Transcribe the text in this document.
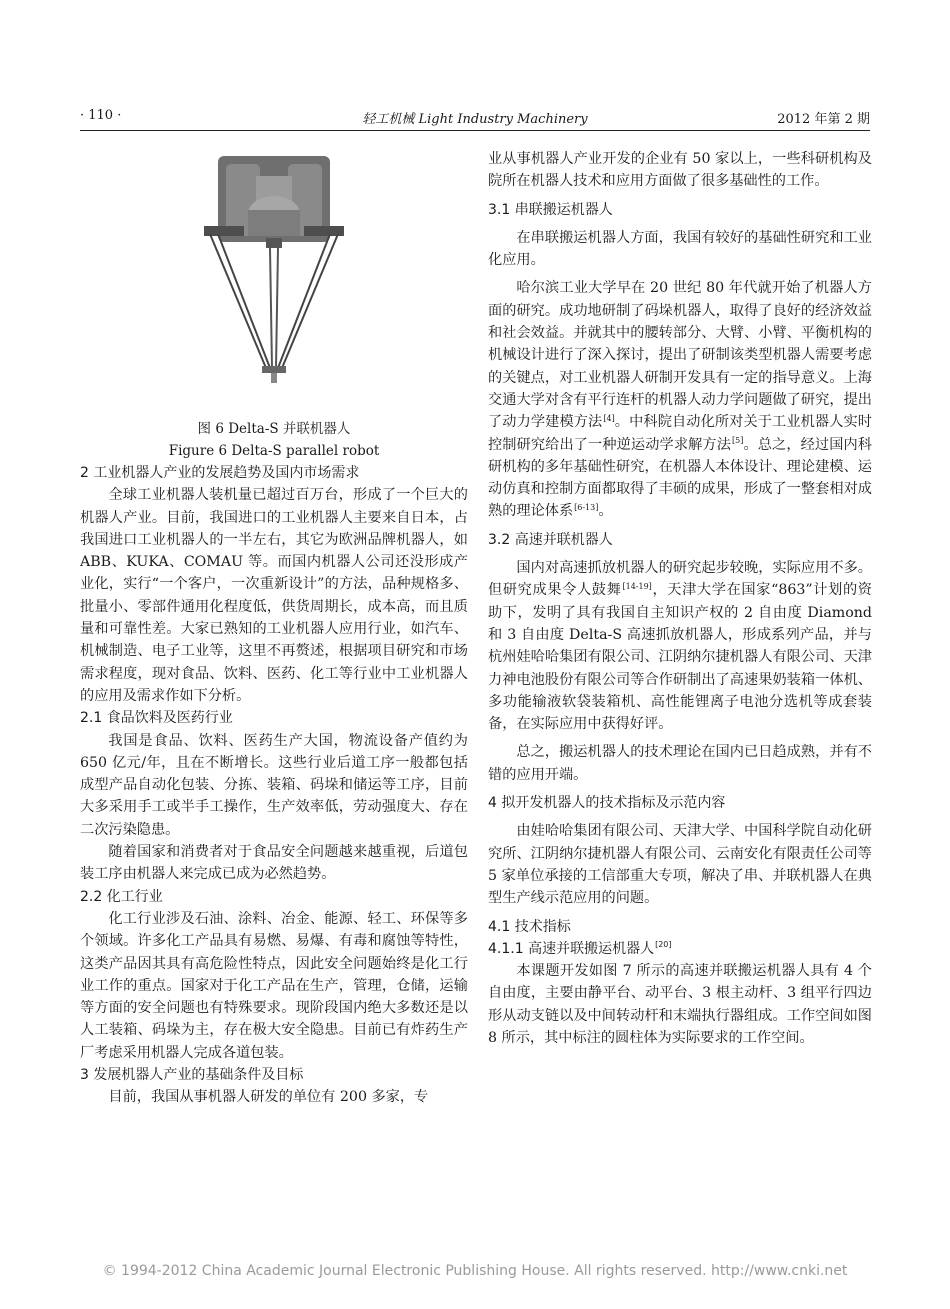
· 110 ·	轻工机械 Light Industry Machinery	2012 年第 2 期

图 6 Delta-S 并联机器人

Figure 6 Delta-S parallel robot

2 工业机器人产业的发展趋势及国内市场需求

全球工业机器人装机量已超过百万台，形成了一个巨大的机器人产业。目前，我国进口的工业机器人主要来自日本，占我国进口工业机器人的一半左右，其它为欧洲品牌机器人，如 ABB、KUKA、COMAU 等。而国内机器人公司还没形成产业化，实行“一个客户，一次重新设计”的方法，品种规格多、批量小、零部件通用化程度低，供货周期长，成本高，而且质量和可靠性差。大家已熟知的工业机器人应用行业，如汽车、机械制造、电子工业等，这里不再赘述，根据项目研究和市场需求程度，现对食品、饮料、医药、化工等行业中工业机器人的应用及需求作如下分析。

2.1 食品饮料及医药行业

我国是食品、饮料、医药生产大国，物流设备产值约为 650 亿元/年，且在不断增长。这些行业后道工序一般都包括成型产品自动化包装、分拣、装箱、码垛和储运等工序，目前大多采用手工或半手工操作，生产效率低，劳动强度大、存在二次污染隐患。

随着国家和消费者对于食品安全问题越来越重视，后道包装工序由机器人来完成已成为必然趋势。

2.2 化工行业

化工行业涉及石油、涂料、冶金、能源、轻工、环保等多个领域。许多化工产品具有易燃、易爆、有毒和腐蚀等特性，这类产品因其具有高危险性特点，因此安全问题始终是化工行业工作的重点。国家对于化工产品在生产，管理，仓储，运输等方面的安全问题也有特殊要求。现阶段国内绝大多数还是以人工装箱、码垛为主，存在极大安全隐患。目前已有炸药生产厂考虑采用机器人完成各道包装。

3 发展机器人产业的基础条件及目标

目前，我国从事机器人研发的单位有 200 多家，专

业从事机器人产业开发的企业有 50 家以上，一些科研机构及院所在机器人技术和应用方面做了很多基础性的工作。

3.1 串联搬运机器人

在串联搬运机器人方面，我国有较好的基础性研究和工业化应用。

哈尔滨工业大学早在 20 世纪 80 年代就开始了机器人方面的研究。成功地研制了码垛机器人，取得了良好的经济效益和社会效益。并就其中的腰转部分、大臂、小臂、平衡机构的机械设计进行了深入探讨，提出了研制该类型机器人需要考虑的关键点，对工业机器人研制开发具有一定的指导意义。上海交通大学对含有平行连杆的机器人动力学问题做了研究，提出了动力学建模方法[4]。中科院自动化所对关于工业机器人实时控制研究给出了一种逆运动学求解方法[5]。总之，经过国内科研机构的多年基础性研究，在机器人本体设计、理论建模、运动仿真和控制方面都取得了丰硕的成果，形成了一整套相对成熟的理论体系[6-13]。

3.2 高速并联机器人

国内对高速抓放机器人的研究起步较晚，实际应用不多。但研究成果令人鼓舞[14-19]，天津大学在国家“863”计划的资助下，发明了具有我国自主知识产权的 2 自由度 Diamond 和 3 自由度 Delta-S 高速抓放机器人，形成系列产品，并与杭州娃哈哈集团有限公司、江阴纳尔捷机器人有限公司、天津力神电池股份有限公司等合作研制出了高速果奶装箱一体机、多功能输液软袋装箱机、高性能锂离子电池分选机等成套装备，在实际应用中获得好评。

总之，搬运机器人的技术理论在国内已日趋成熟，并有不错的应用开端。

4 拟开发机器人的技术指标及示范内容

由娃哈哈集团有限公司、天津大学、中国科学院自动化研究所、江阴纳尔捷机器人有限公司、云南安化有限责任公司等 5 家单位承接的工信部重大专项，解决了串、并联机器人在典型生产线示范应用的问题。

4.1 技术指标

4.1.1 高速并联搬运机器人[20]

本课题开发如图 7 所示的高速并联搬运机器人具有 4 个自由度，主要由静平台、动平台、3 根主动杆、3 组平行四边形从动支链以及中间转动杆和末端执行器组成。工作空间如图 8 所示，其中标注的圆柱体为实际要求的工作空间。

© 1994-2012 China Academic Journal Electronic Publishing House. All rights reserved. http://www.cnki.net
